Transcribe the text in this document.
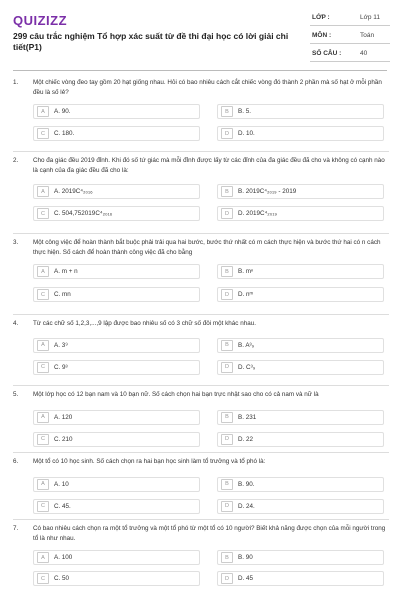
QUIZIZZ
299 câu trắc nghiệm Tổ hợp xác suất từ đề thi đại học có lời giải chi tiết(P1)
LỚP :	Lớp 11
MÔN :	Toán
SỐ CÂU :	40
1.	Một chiếc vòng đeo tay gồm 20 hạt giống nhau. Hỏi có bao nhiêu cách cắt chiếc vòng đó thành 2 phần mà số hạt ở mỗi phần đều là số lẻ?
A	A. 90.	B	B. 5.
C	C. 180.	D	D. 10.
2.	Cho đa giác đều 2019 đỉnh. Khi đó số tứ giác mà mỗi đỉnh được lấy từ các đỉnh của đa giác đều đã cho và không có cạnh nào là cạnh của đa giác đều đã cho là:
A	A. 2019C⁴₂₀₁₆	B	B. 2019C⁴₂₀₁₉ - 2019
C	C. 504,752019C⁴₂₀₁₆	D	D. 2019C⁴₂₀₁₉
3.	Một công việc để hoàn thành bắt buộc phải trải qua hai bước, bước thứ nhất có m cách thực hiện và bước thứ hai có n cách thực hiện. Số cách để hoàn thành công việc đã cho bằng
A	A. m + n	B	B. mⁿ
C	C. mn	D	D. nᵐ
4.	Từ các chữ số 1,2,3,...,9 lập được bao nhiêu số có 3 chữ số đôi một khác nhau.
A	A. 3⁹	B	B. A³₉
C	C. 9³	D	D. C³₉
5.	Một lớp học có 12 bạn nam và 10 bạn nữ. Số cách chọn hai bạn trực nhật sao cho có cả nam và nữ là
A	A. 120	B	B. 231
C	C. 210	D	D. 22
6.	Một tổ có 10 học sinh. Số cách chọn ra hai bạn học sinh làm tổ trưởng và tổ phó là:
A	A. 10	B	B. 90.
C	C. 45.	D	D. 24.
7.	Có bao nhiêu cách chọn ra một tổ trưởng và một tổ phó từ một tổ có 10 người? Biết khả năng được chọn của mỗi người trong tổ là như nhau.
A	A. 100	B	B. 90
C	C. 50	D	D. 45
